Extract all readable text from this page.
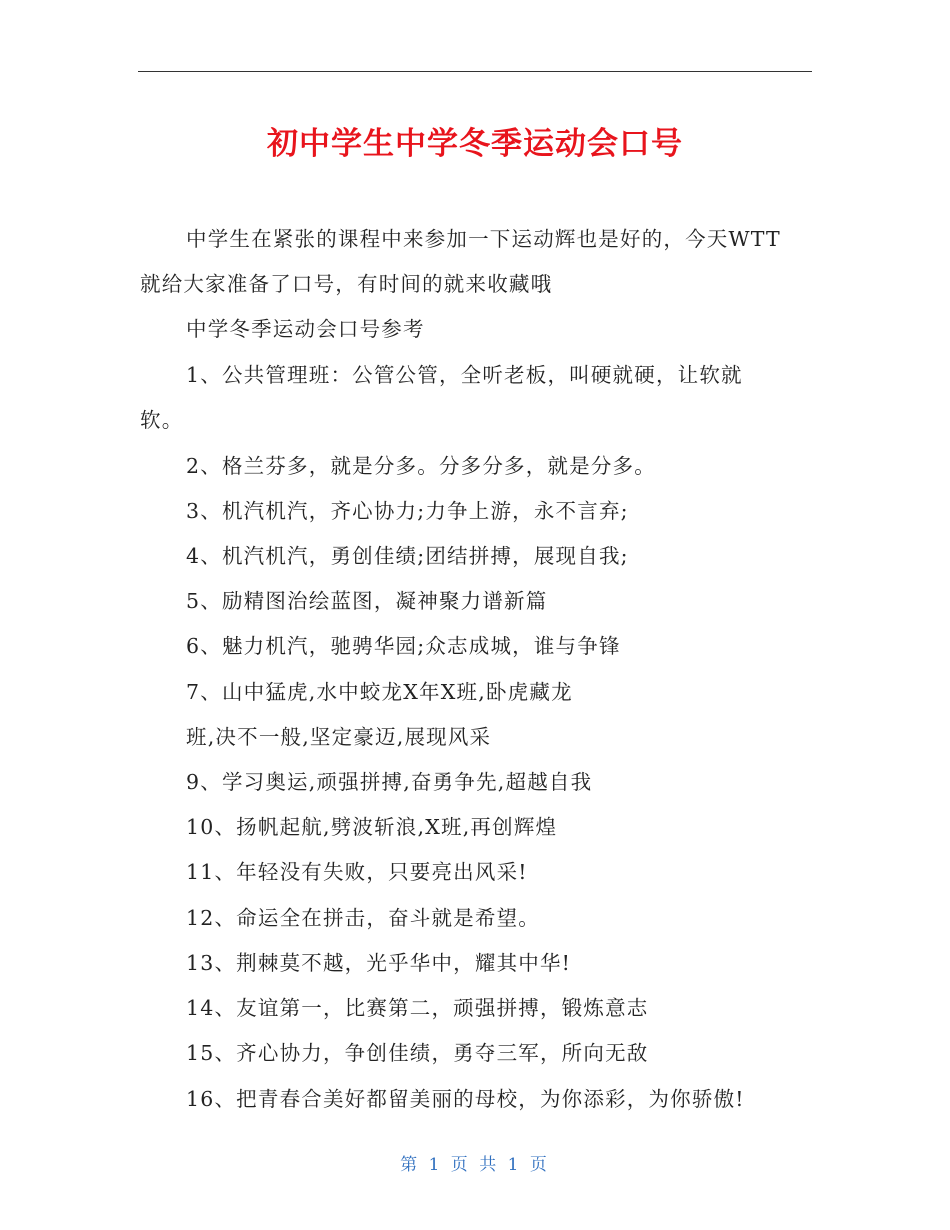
初中学生中学冬季运动会口号

中学生在紧张的课程中来参加一下运动辉也是好的，今天WTT

就给大家准备了口号，有时间的就来收藏哦

中学冬季运动会口号参考

1、公共管理班：公管公管，全听老板，叫硬就硬，让软就

软。

2、格兰芬多，就是分多。分多分多，就是分多。

3、机汽机汽，齐心协力;力争上游，永不言弃;

4、机汽机汽，勇创佳绩;团结拼搏，展现自我;

5、励精图治绘蓝图，凝神聚力谱新篇

6、魅力机汽，驰骋华园;众志成城，谁与争锋

7、山中猛虎,水中蛟龙X年X班,卧虎藏龙

班,决不一般,坚定豪迈,展现风采

9、学习奥运,顽强拼搏,奋勇争先,超越自我

10、扬帆起航,劈波斩浪,X班,再创辉煌

11、年轻没有失败，只要亮出风采!

12、命运全在拼击，奋斗就是希望。

13、荆棘莫不越，光乎华中，耀其中华!

14、友谊第一，比赛第二，顽强拼搏，锻炼意志

15、齐心协力，争创佳绩，勇夺三军，所向无敌

16、把青春合美好都留美丽的母校，为你添彩，为你骄傲!

第 1 页 共 1 页
